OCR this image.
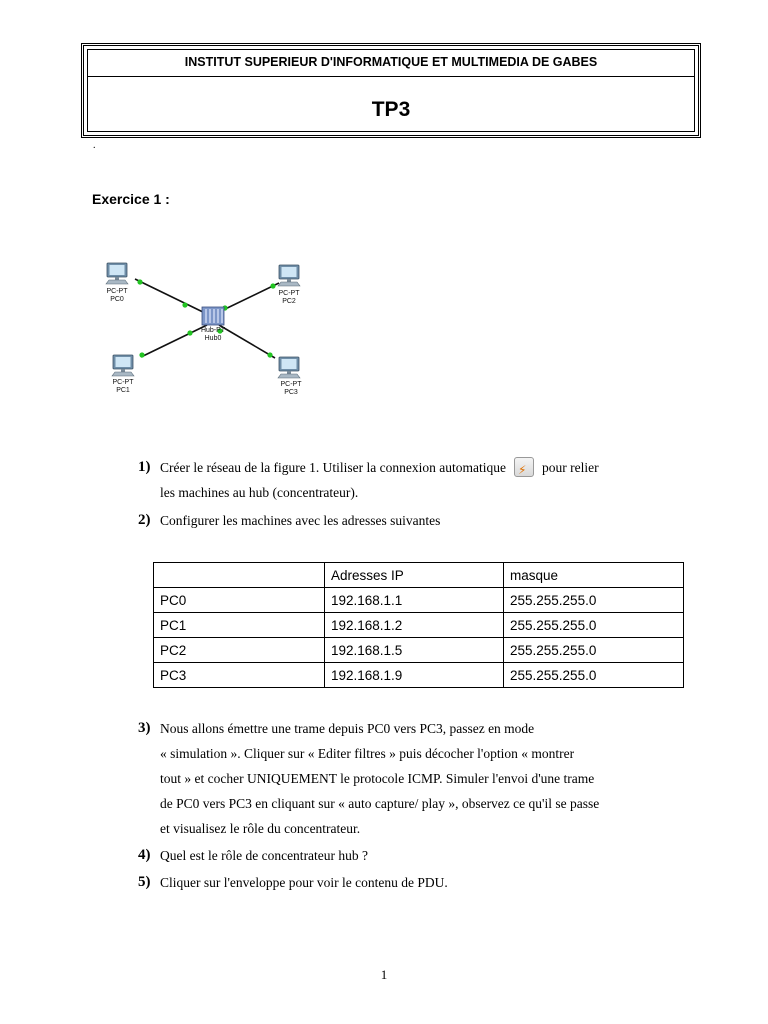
INSTITUT SUPERIEUR D'INFORMATIQUE ET MULTIMEDIA DE GABES
TP3
.
Exercice 1 :
PC-PT
PC0
PC-PT
PC2
Hub-PT
Hub0
PC-PT
PC1
PC-PT
PC3
1) Créer le réseau de la figure 1. Utiliser la connexion automatique ⚡	pour relier
les machines au hub (concentrateur).
2) Configurer les machines avec les adresses suivantes
	Adresses IP	masque
PC0	192.168.1.1	255.255.255.0
PC1	192.168.1.2	255.255.255.0
PC2	192.168.1.5	255.255.255.0
PC3	192.168.1.9	255.255.255.0
3) Nous allons émettre une trame depuis PC0 vers PC3, passez en mode
« simulation ». Cliquer sur « Editer filtres » puis décocher l'option « montrer
tout » et cocher UNIQUEMENT le protocole ICMP. Simuler l'envoi d'une trame
de PC0 vers PC3 en cliquant sur « auto capture/ play », observez ce qu'il se passe
et visualisez le rôle du concentrateur.
4) Quel est le rôle de concentrateur hub ?
5) Cliquer sur l'enveloppe pour voir le contenu de PDU.
1
